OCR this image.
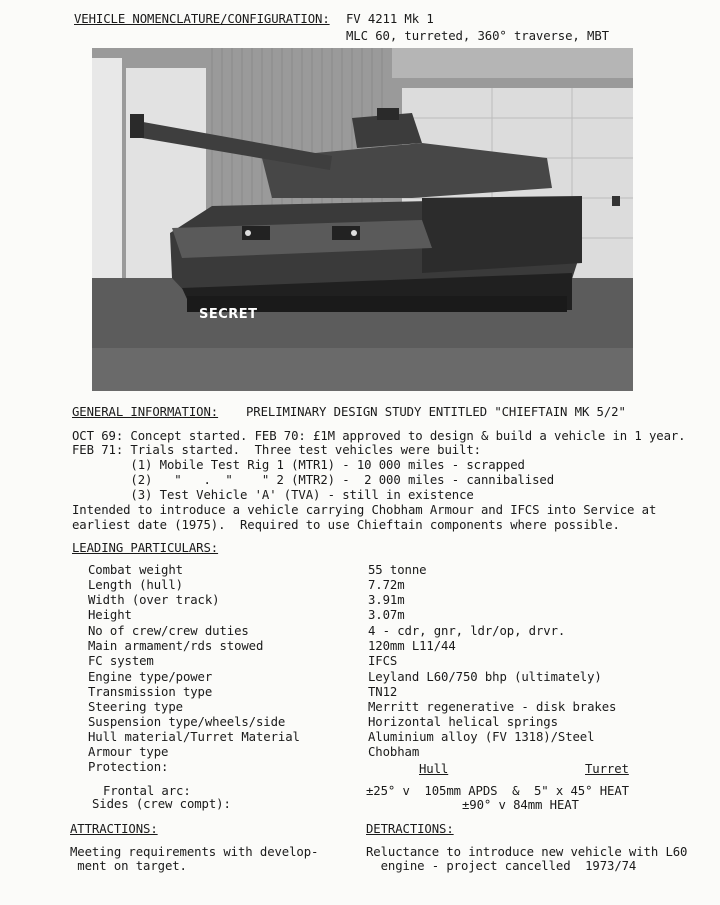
VEHICLE NOMENCLATURE/CONFIGURATION: FV 4211 Mk 1
MLC 60, turreted, 360° traverse, MBT
SECRET
GENERAL INFORMATION: PRELIMINARY DESIGN STUDY ENTITLED "CHIEFTAIN MK 5/2"
OCT 69: Concept started. FEB 70: £1M approved to design & build a vehicle in 1 year.
FEB 71: Trials started.  Three test vehicles were built:
(1) Mobile Test Rig 1 (MTR1) - 10 000 miles - scrapped
(2)   "   .  "    " 2 (MTR2) -  2 000 miles - cannibalised
(3) Test Vehicle 'A' (TVA) - still in existence
Intended to introduce a vehicle carrying Chobham Armour and IFCS into Service at
earliest date (1975).  Required to use Chieftain components where possible.
LEADING PARTICULARS:
Combat weight	55 tonne
Length (hull)	7.72m
Width (over track)	3.91m
Height	3.07m
No of crew/crew duties	4 - cdr, gnr, ldr/op, drvr.
Main armament/rds stowed	120mm L11/44
FC system	IFCS
Engine type/power	Leyland L60/750 bhp (ultimately)
Transmission type	TN12
Steering type	Merritt regenerative - disk brakes
Suspension type/wheels/side	Horizontal helical springs
Hull material/Turret Material	Aluminium alloy (FV 1318)/Steel
Armour type	Chobham
Protection:	Hull	Turret
Frontal arc:	±25° v  105mm APDS  &  5" x 45° HEAT
Sides (crew compt):	±90° v 84mm HEAT
ATTRACTIONS:	DETRACTIONS:
Meeting requirements with develop-
ment on target.
Reluctance to introduce new vehicle with L60
engine - project cancelled  1973/74
